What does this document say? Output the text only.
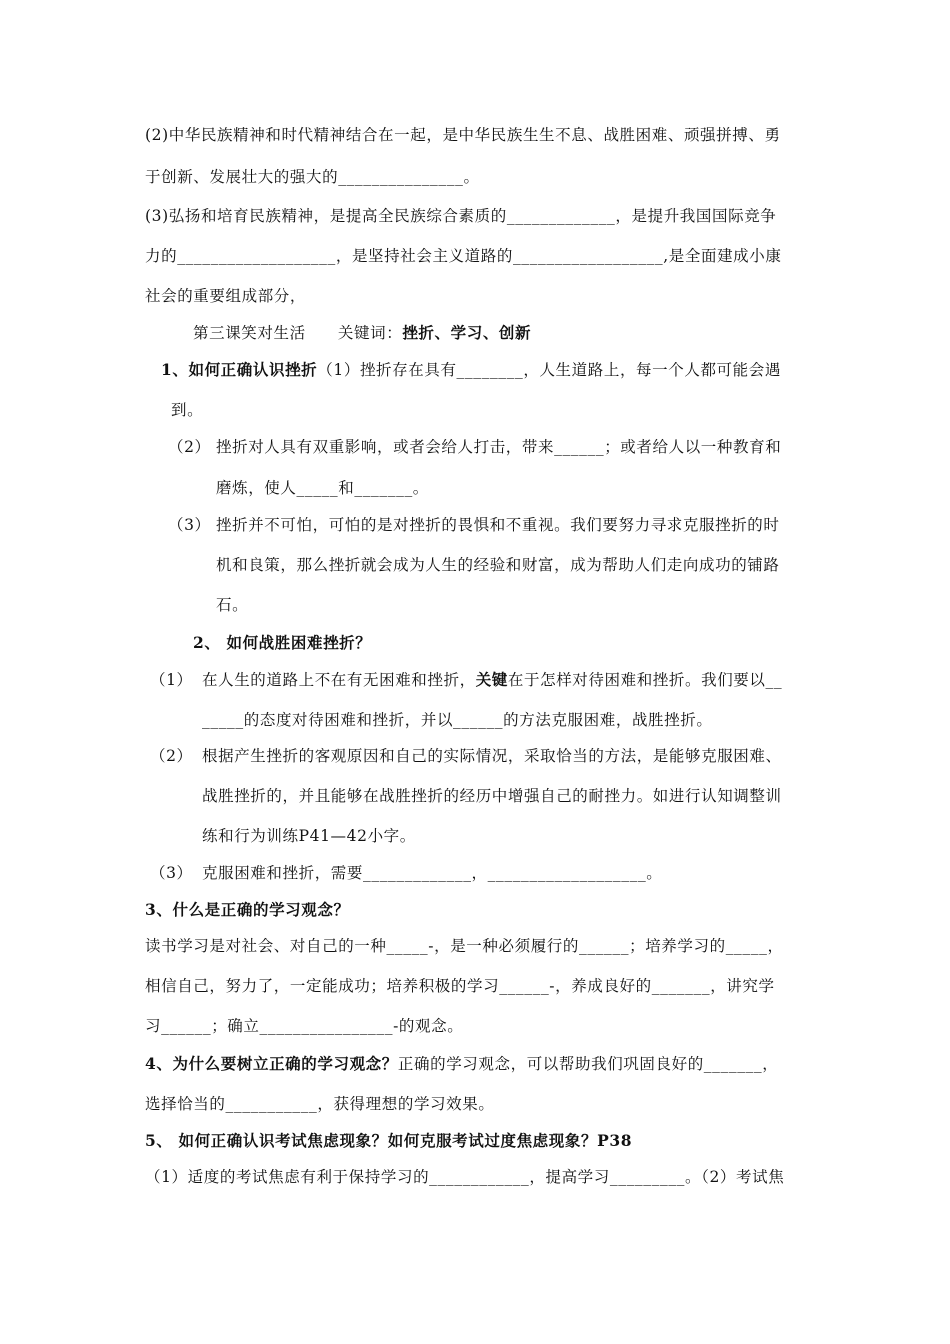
(2)中华民族精神和时代精神结合在一起，是中华民族生生不息、战胜困难、顽强拼搏、勇
于创新、发展壮大的强大的_______________。
(3)弘扬和培育民族精神，是提高全民族综合素质的_____________，是提升我国国际竞争
力的___________________，是坚持社会主义道路的__________________,是全面建成小康
社会的重要组成部分，
第三课笑对生活　　关键词：挫折、学习、创新
1、如何正确认识挫折（1）挫折存在具有________，人生道路上，每一个人都可能会遇
到。
（2） 挫折对人具有双重影响，或者会给人打击，带来______；或者给人以一种教育和
磨炼，使人_____和_______。
（3） 挫折并不可怕，可怕的是对挫折的畏惧和不重视。我们要努力寻求克服挫折的时
机和良策，那么挫折就会成为人生的经验和财富，成为帮助人们走向成功的铺路
石。
2、 如何战胜困难挫折？
（1） 在人生的道路上不在有无困难和挫折，关键在于怎样对待困难和挫折。我们要以__
_____的态度对待困难和挫折，并以______的方法克服困难，战胜挫折。
（2） 根据产生挫折的客观原因和自己的实际情况，采取恰当的方法，是能够克服困难、
战胜挫折的，并且能够在战胜挫折的经历中增强自己的耐挫力。如进行认知调整训
练和行为训练P41—42小字。
（3） 克服困难和挫折，需要_____________，___________________。
3、什么是正确的学习观念？
读书学习是对社会、对自己的一种_____-，是一种必须履行的______；培养学习的_____，
相信自己，努力了，一定能成功；培养积极的学习______-，养成良好的_______，讲究学
习______；确立________________-的观念。
4、为什么要树立正确的学习观念？正确的学习观念，可以帮助我们巩固良好的_______，
选择恰当的___________，获得理想的学习效果。
5、 如何正确认识考试焦虑现象？如何克服考试过度焦虑现象？P38
（1）适度的考试焦虑有利于保持学习的____________，提高学习_________。（2）考试焦
